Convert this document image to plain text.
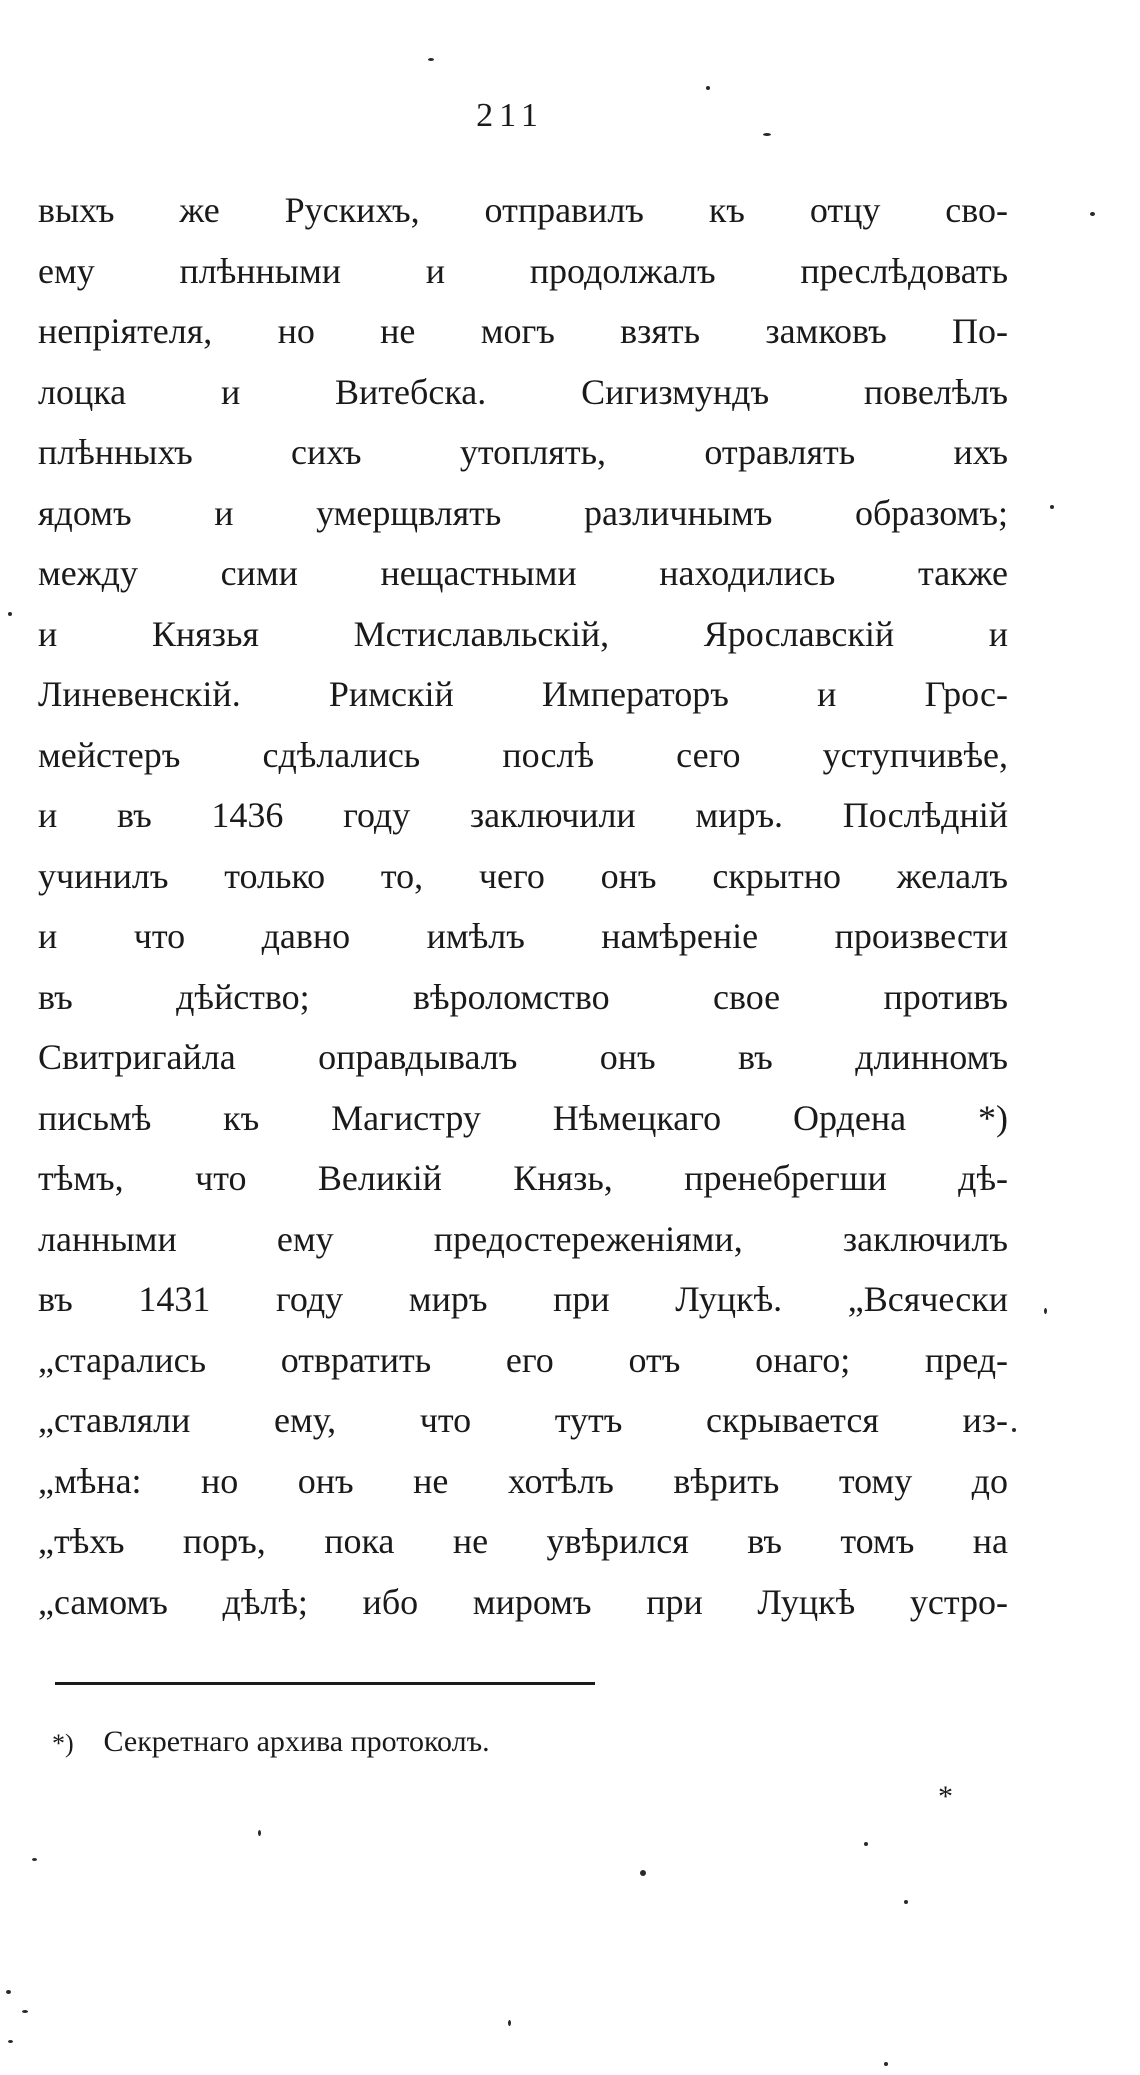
211
выхъ же Рускихъ, отправилъ къ отцу сво-
ему плѣнными и продолжалъ преслѣдовать
непріятеля, но не могъ взять замковъ По-
лоцка и Витебска. Сигизмундъ повелѣлъ
плѣнныхъ сихъ утоплять, отравлять ихъ
ядомъ и умерщвлять различнымъ образомъ;
между сими нещастными находились также
и Князья Мстиславльскій, Ярославскій и
Линевенскій. Римскій Императоръ и Грос-
мейстеръ сдѣлались послѣ сего уступчивѣе,
и въ 1436 году заключили миръ. Послѣдній
учинилъ только то, чего онъ скрытно желалъ
и что давно имѣлъ намѣреніе произвести
въ дѣйство; вѣроломство свое противъ
Свитригайла оправдывалъ онъ въ длинномъ
письмѣ къ Магистру Нѣмецкаго Ордена *)
тѣмъ, что Великій Князь, пренебрегши дѣ-
ланными ему предостереженіями, заключилъ
въ 1431 году миръ при Луцкѣ. „Всячески
„старались отвратить его отъ онаго; пред-
„ставляли ему, что тутъ скрывается из-
„мѣна: но онъ не хотѣлъ вѣрить тому до
„тѣхъ поръ, пока не увѣрился въ томъ на
„самомъ дѣлѣ; ибо миромъ при Луцкѣ устро-
*) Секретнаго архива протоколъ.
*
